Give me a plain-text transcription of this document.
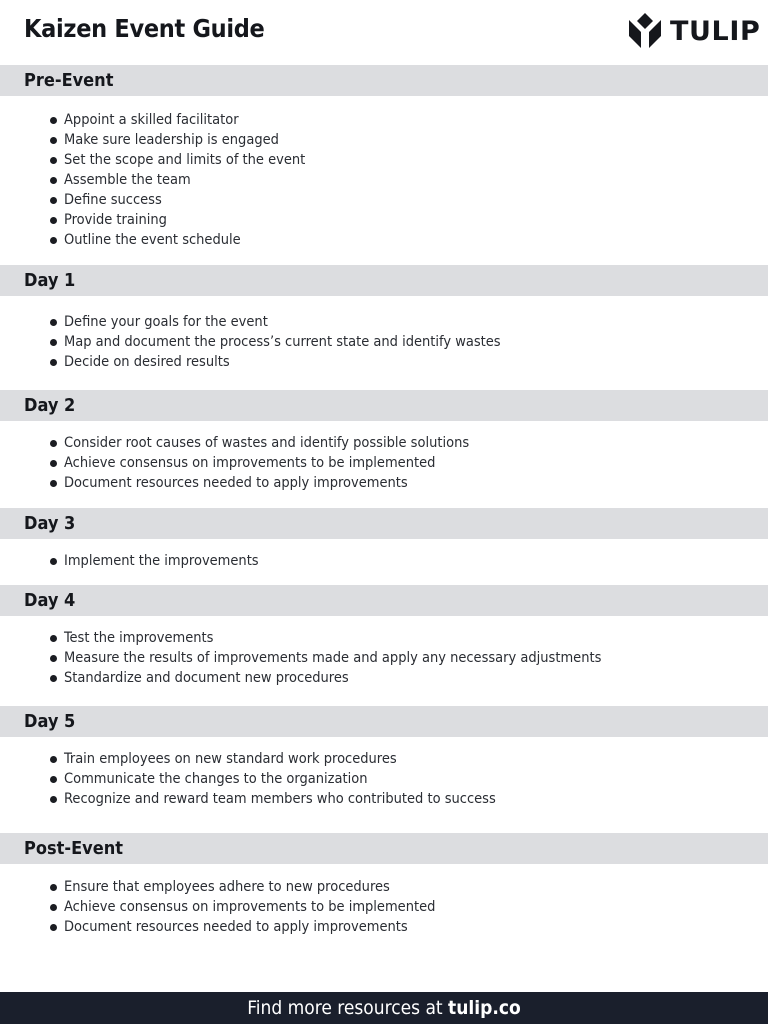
Kaizen Event Guide	TULIP
Pre-Event
Appoint a skilled facilitator
Make sure leadership is engaged
Set the scope and limits of the event
Assemble the team
Define success
Provide training
Outline the event schedule
Day 1
Define your goals for the event
Map and document the process’s current state and identify wastes
Decide on desired results
Day 2
Consider root causes of wastes and identify possible solutions
Achieve consensus on improvements to be implemented
Document resources needed to apply improvements
Day 3
Implement the improvements
Day 4
Test the improvements
Measure the results of improvements made and apply any necessary adjustments
Standardize and document new procedures
Day 5
Train employees on new standard work procedures
Communicate the changes to the organization
Recognize and reward team members who contributed to success
Post-Event
Ensure that employees adhere to new procedures
Achieve consensus on improvements to be implemented
Document resources needed to apply improvements
Find more resources at tulip.co
